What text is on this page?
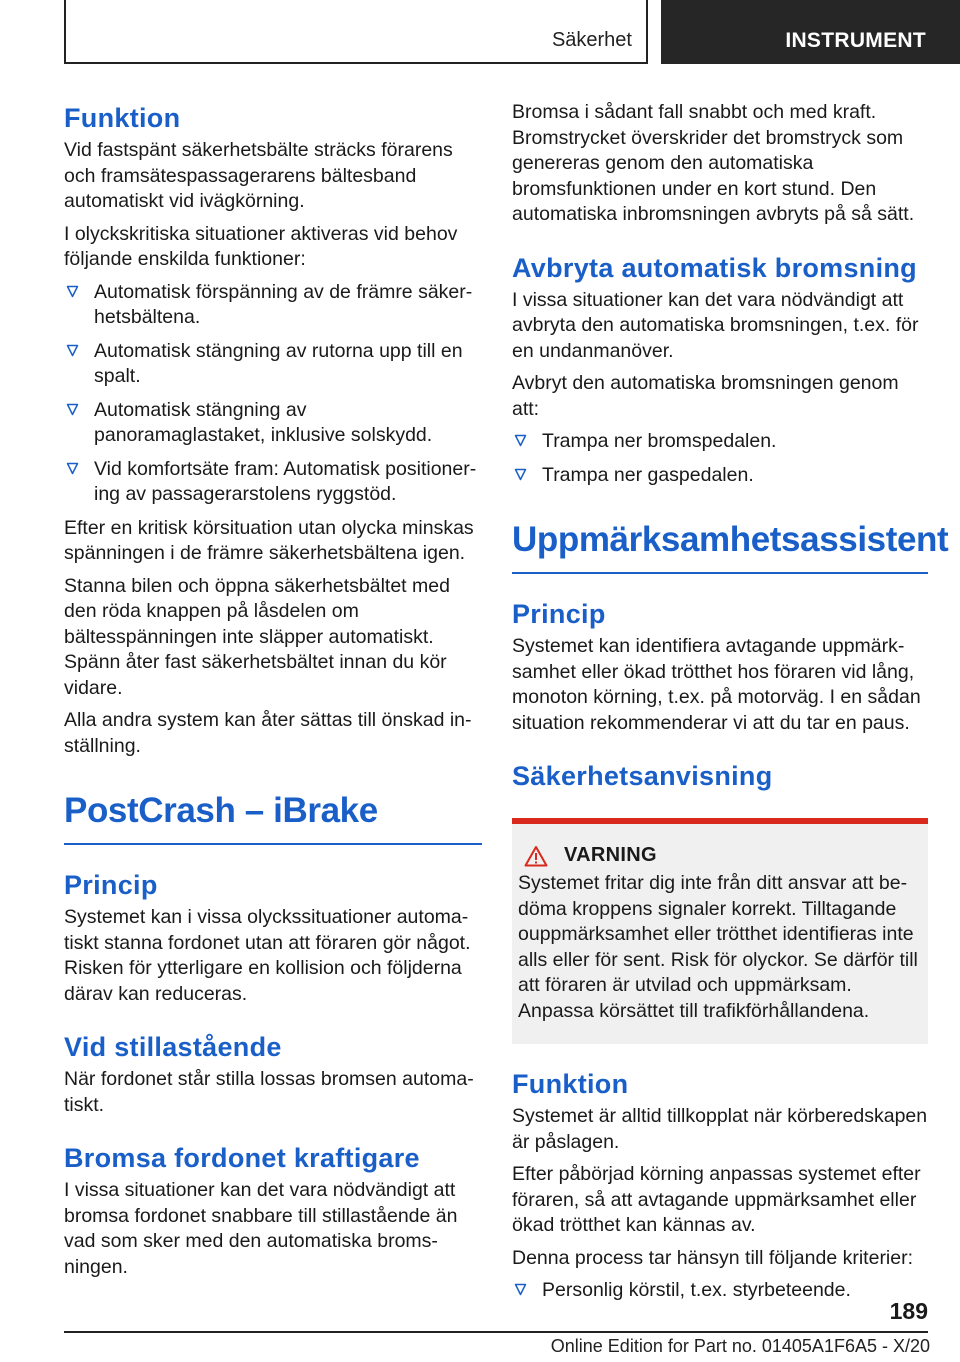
Säkerhet	INSTRUMENT
Funktion

Vid fastspänt säkerhetsbälte sträcks förarens och framsätespassagerarens bältesband automatiskt vid ivägkörning.

I olyckskritiska situationer aktiveras vid behov följande enskilda funktioner:

Automatisk förspänning av de främre säkerhetsbältena.
Automatisk stängning av rutorna upp till en spalt.
Automatisk stängning av panoramaglastaket, inklusive solskydd.
Vid komfortsäte fram: Automatisk positionering av passagerarstolens ryggstöd.

Efter en kritisk körsituation utan olycka minskas spänningen i de främre säkerhetsbältena igen.

Stanna bilen och öppna säkerhetsbältet med den röda knappen på låsdelen om bältesspänningen inte släpper automatiskt. Spänn åter fast säkerhetsbältet innan du kör vidare.

Alla andra system kan åter sättas till önskad inställning.

PostCrash – iBrake
Princip

Systemet kan i vissa olyckssituationer automatiskt stanna fordonet utan att föraren gör något. Risken för ytterligare en kollision och följderna därav kan reduceras.

Vid stillastående

När fordonet står stilla lossas bromsen automatiskt.

Bromsa fordonet kraftigare

I vissa situationer kan det vara nödvändigt att bromsa fordonet snabbare till stillastående än vad som sker med den automatiska bromsningen.

Bromsa i sådant fall snabbt och med kraft. Bromstrycket överskrider det bromstryck som genereras genom den automatiska bromsfunktionen under en kort stund. Den automatiska inbromsningen avbryts på så sätt.

Avbryta automatisk bromsning

I vissa situationer kan det vara nödvändigt att avbryta den automatiska bromsningen, t.ex. för en undanmanöver.

Avbryt den automatiska bromsningen genom att:

Trampa ner bromspedalen.
Trampa ner gaspedalen.
Uppmärksamhetsassistent
Princip

Systemet kan identifiera avtagande uppmärksamhet eller ökad trötthet hos föraren vid lång, monoton körning, t.ex. på motorväg. I en sådan situation rekommenderar vi att du tar en paus.

Säkerhetsanvisning
VARNING

Systemet fritar dig inte från ditt ansvar att bedöma kroppens signaler korrekt. Tilltagande ouppmärksamhet eller trötthet identifieras inte alls eller för sent. Risk för olyckor. Se därför till att föraren är utvilad och uppmärksam. Anpassa körsättet till trafikförhållandena.

Funktion

Systemet är alltid tillkopplat när körberedskapen är påslagen.

Efter påbörjad körning anpassas systemet efter föraren, så att avtagande uppmärksamhet eller ökad trötthet kan kännas av.

Denna process tar hänsyn till följande kriterier:

Personlig körstil, t.ex. styrbeteende.
189
Online Edition for Part no. 01405A1F6A5 - X/20
